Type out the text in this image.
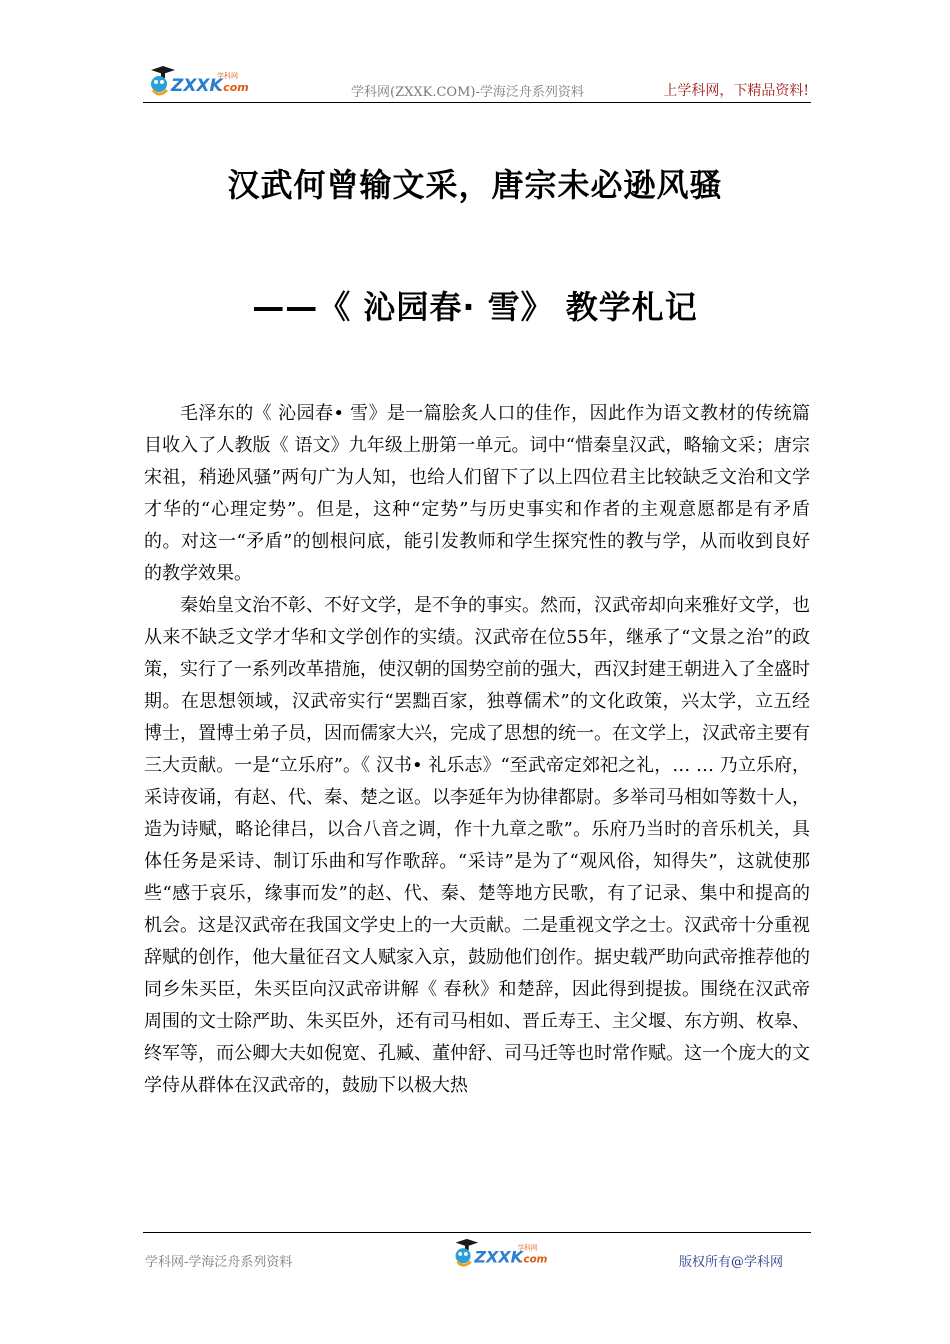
ZXXK
.com
学科网
学科网(ZXXK.COM)-学海泛舟系列资料	上学科网，下精品资料!
汉武何曾输文采，唐宗未必逊风骚
——《 沁园春· 雪》 教学札记

毛泽东的《 沁园春• 雪》是一篇脍炙人口的佳作，因此作为语文教材的传统篇目收入了人教版《 语文》九年级上册第一单元。词中“惜秦皇汉武，略输文采；唐宗宋祖，稍逊风骚”两句广为人知，也给人们留下了以上四位君主比较缺乏文治和文学才华的“心理定势”。但是，这种“定势”与历史事实和作者的主观意愿都是有矛盾的。对这一“矛盾”的刨根问底，能引发教师和学生探究性的教与学，从而收到良好的教学效果。

秦始皇文治不彰、不好文学，是不争的事实。然而，汉武帝却向来雅好文学，也从来不缺乏文学才华和文学创作的实绩。汉武帝在位55年，继承了“文景之治”的政策，实行了一系列改革措施，使汉朝的国势空前的强大，西汉封建王朝进入了全盛时期。在思想领域，汉武帝实行“罢黜百家，独尊儒术”的文化政策，兴太学，立五经博士，置博士弟子员，因而儒家大兴，完成了思想的统一。在文学上，汉武帝主要有三大贡献。一是“立乐府”。《 汉书• 礼乐志》“至武帝定郊祀之礼，… … 乃立乐府，采诗夜诵，有赵、代、秦、楚之讴。以李延年为协律都尉。多举司马相如等数十人，造为诗赋，略论律吕，以合八音之调，作十九章之歌”。乐府乃当时的音乐机关，具体任务是采诗、制订乐曲和写作歌辞。“采诗”是为了“观风俗，知得失”，这就使那些“感于哀乐，缘事而发”的赵、代、秦、楚等地方民歌，有了记录、集中和提高的机会。这是汉武帝在我国文学史上的一大贡献。二是重视文学之士。汉武帝十分重视辞赋的创作，他大量征召文人赋家入京，鼓励他们创作。据史载严助向武帝推荐他的同乡朱买臣，朱买臣向汉武帝讲解《 春秋》和楚辞，因此得到提拔。围绕在汉武帝周围的文士除严助、朱买臣外，还有司马相如、晋丘寿王、主父堰、东方朔、枚皋、终军等，而公卿大夫如倪宽、孔臧、董仲舒、司马迁等也时常作赋。这一个庞大的文学侍从群体在汉武帝的，鼓励下以极大热

学科网-学海泛舟系列资料	ZXXK
.com
学科网
版权所有@学科网
